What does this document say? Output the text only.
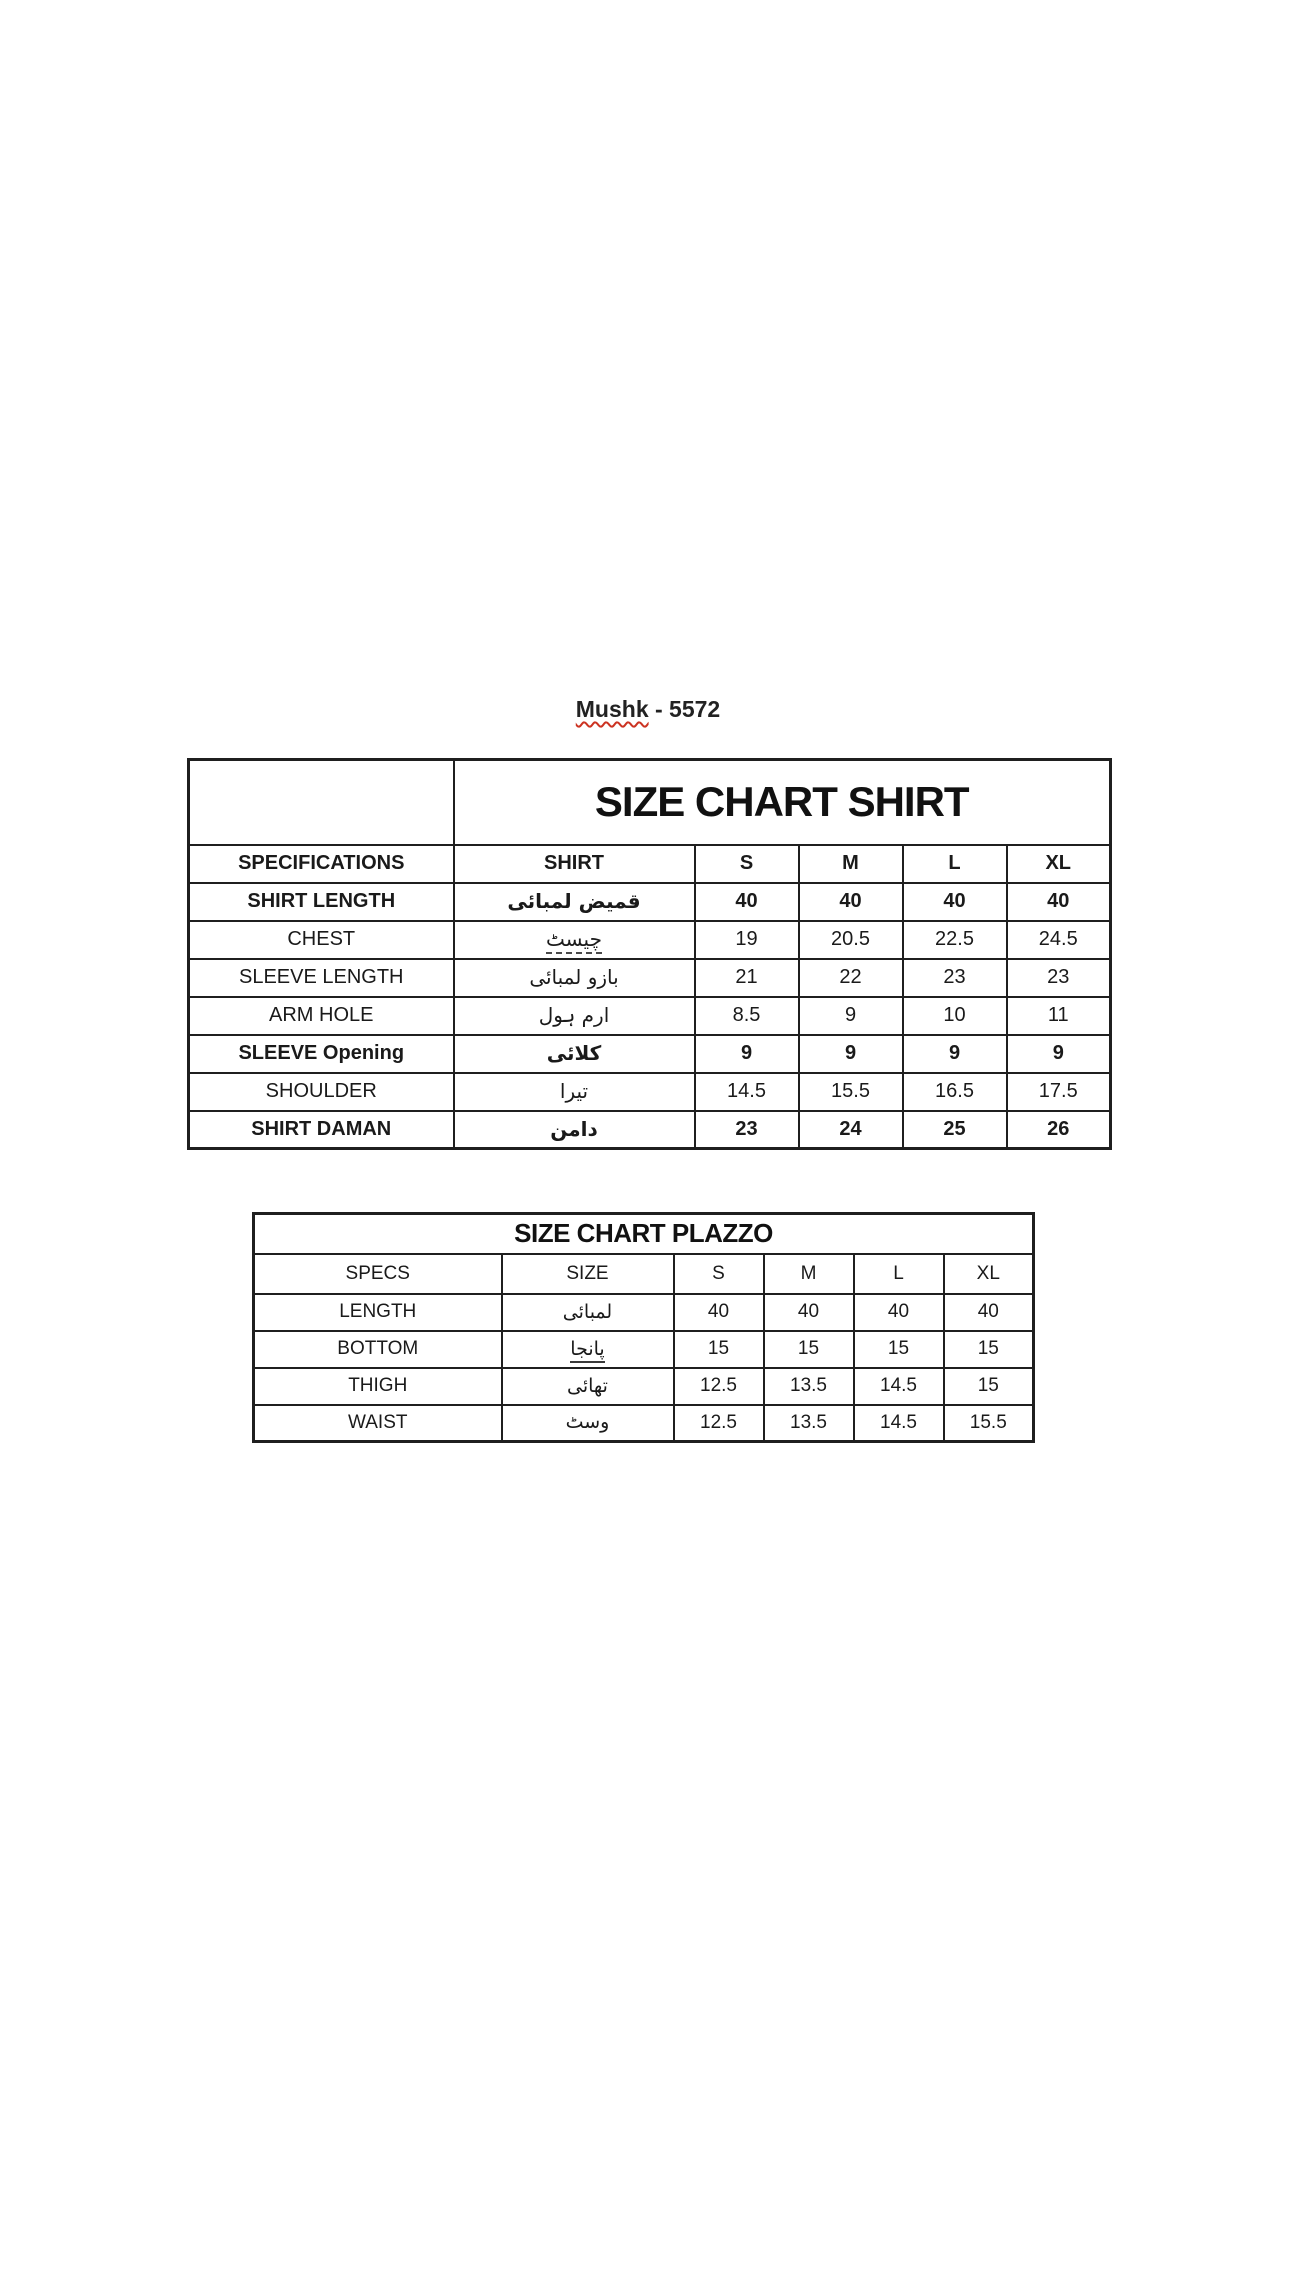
Mushk - 5572
	SIZE CHART SHIRT				
SPECIFICATIONS	SHIRT	S	M	L	XL
SHIRT LENGTH	قمیض لمبائی	40	40	40	40
CHEST	چیسٹ	19	20.5	22.5	24.5
SLEEVE LENGTH	بازو لمبائی	21	22	23	23
ARM HOLE	ارم ہول	8.5	9	10	11
SLEEVE Opening	کلائی	9	9	9	9
SHOULDER	تیرا	14.5	15.5	16.5	17.5
SHIRT DAMAN	دامن	23	24	25	26
SIZE CHART PLAZZO					
SPECS	SIZE	S	M	L	XL
LENGTH	لمبائی	40	40	40	40
BOTTOM	پانجا	15	15	15	15
THIGH	تھائی	12.5	13.5	14.5	15
WAIST	وسٹ	12.5	13.5	14.5	15.5
